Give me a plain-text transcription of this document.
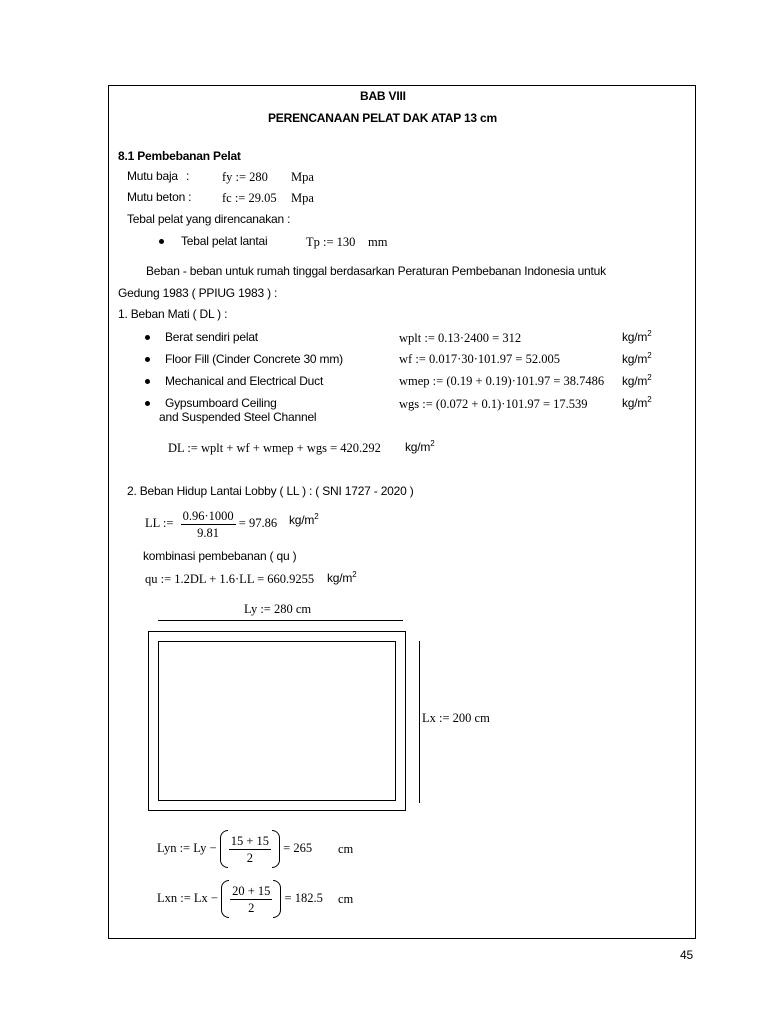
BAB VIII
PERENCANAAN PELAT DAK ATAP 13 cm
8.1 Pembebanan Pelat
Mutu baja :	fy := 280 Mpa
Mutu beton : fc := 29.05 Mpa
Tebal pelat yang direncanakan :
Tebal pelat lantai	Tp := 130 mm
Beban - beban untuk rumah tinggal berdasarkan Peraturan Pembebanan Indonesia untuk
Gedung 1983 ( PPIUG 1983 ) :
1. Beban Mati ( DL ) :
Berat sendiri pelat	wplt := 0.13·2400 = 312	$kg/m^2$
Floor Fill (Cinder Concrete 30 mm)	wf := 0.017·30·101.97 = 52.005	$kg/m^2$
Mechanical and Electrical Duct	wmep := (0.19 + 0.19)·101.97 = 38.7486 $kg/m^2$
Gypsumboard Ceiling
and Suspended Steel Channel
wgs := (0.072 + 0.1)·101.97 = 17.539	$kg/m^2$
DL := wplt + wf + wmep + wgs = 420.292 $kg/m^2$
2. Beban Hidup Lantai Lobby ( LL ) : ( SNI 1727 - 2020 )
LL := $\frac{0.96\cdot 1000}{9.81} = 97.86$ $kg/m^2$
kombinasi pembebanan ( qu )
qu := 1.2DL + 1.6·LL = 660.9255 $kg/m^2$
Ly := 280 cm
Lx := 200 cm
Lyn := $Ly - \frac{15 + 15}{2} = 265$ cm
Lxn := $Lx - \frac{20 + 15}{2} = 182.5$ cm
45
